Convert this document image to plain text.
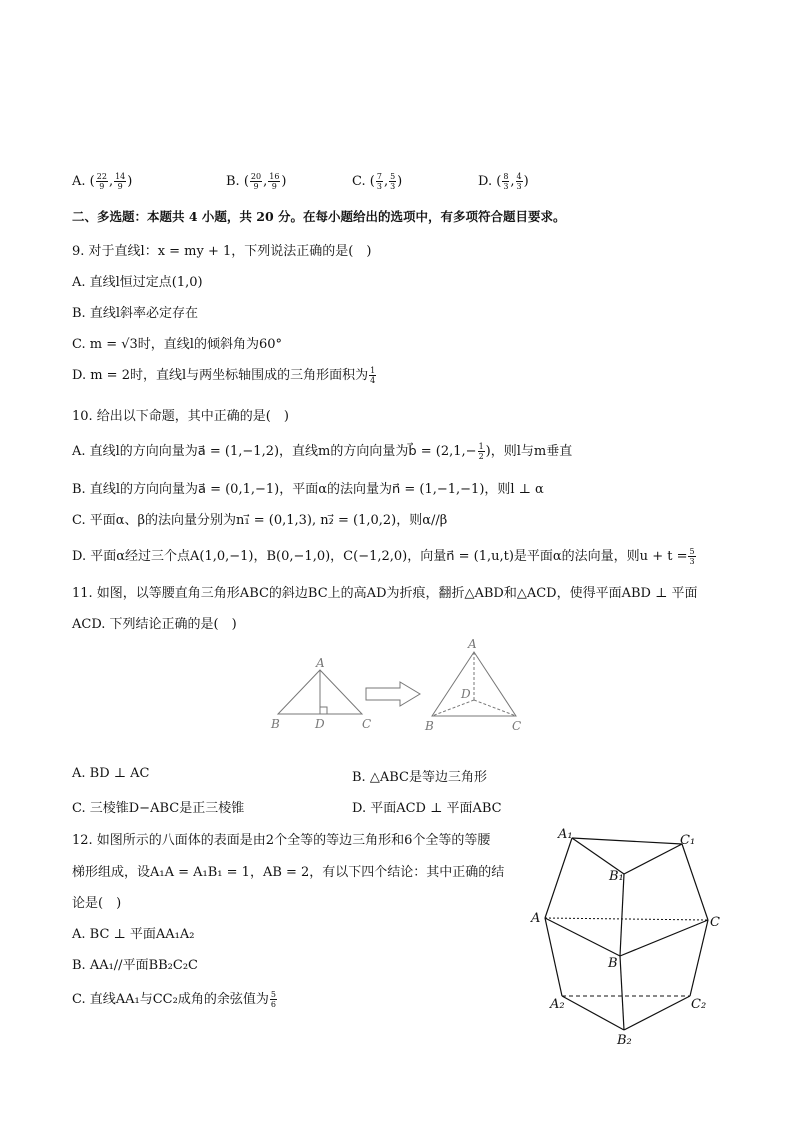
A. ( $\frac{22}{9}$ , $\frac{14}{9}$ )	B. ( $\frac{20}{9}$ , $\frac{16}{9}$ )	C. ( $\frac{7}{3}$ , $\frac{5}{3}$ )	D. ( $\frac{8}{3}$ , $\frac{4}{3}$ )
二、多选题：本题共 4 小题，共 20 分。在每小题给出的选项中，有多项符合题目要求。
9. 对于直线l：x = my + 1，下列说法正确的是(　)
A. 直线l恒过定点(1,0)
B. 直线l斜率必定存在
C. m = √3时，直线l的倾斜角为60°
D. m = 2时，直线l与两坐标轴围成的三角形面积为 $\frac{1}{4}$
10. 给出以下命题，其中正确的是(　)
A. 直线l的方向向量为a⃗ = (1,−1,2)，直线m的方向向量为b⃗ = ($2,1,- \frac{1}{2}$ )，则l与m垂直
B. 直线l的方向向量为a⃗ = (0,1,−1)，平面α的法向量为n⃗ = (1,−1,−1)，则l ⊥ α
C. 平面α、β的法向量分别为n₁⃗ = (0,1,3), n₂⃗ = (1,0,2)，则α//β
D. 平面α经过三个点A(1,0,−1)，B(0,−1,0)，C(−1,2,0)，向量n⃗ = (1,u,t)是平面α的法向量，则$u + t = \frac{5}{3}$
11. 如图，以等腰直角三角形ABC的斜边BC上的高AD为折痕，翻折△ABD和△ACD，使得平面ABD ⊥ 平面
ACD. 下列结论正确的是(　)
A
B	D	C
A
D
B	C
A. BD ⊥ AC	B. △ABC是等边三角形
C. 三棱锥D−ABC是正三棱锥	D. 平面ACD ⊥ 平面ABC
12. 如图所示的八面体的表面是由2个全等的等边三角形和6个全等的等腰
梯形组成，设A₁A = A₁B₁ = 1，AB = 2，有以下四个结论：其中正确的结
论是(　)
A. BC ⊥ 平面AA₁A₂
B. AA₁//平面BB₂C₂C
C. 直线AA₁与CC₂成角的余弦值为 $\frac{5}{6}$
A₁	C₁
B₁
A	C
B
A₂	C₂
B₂
